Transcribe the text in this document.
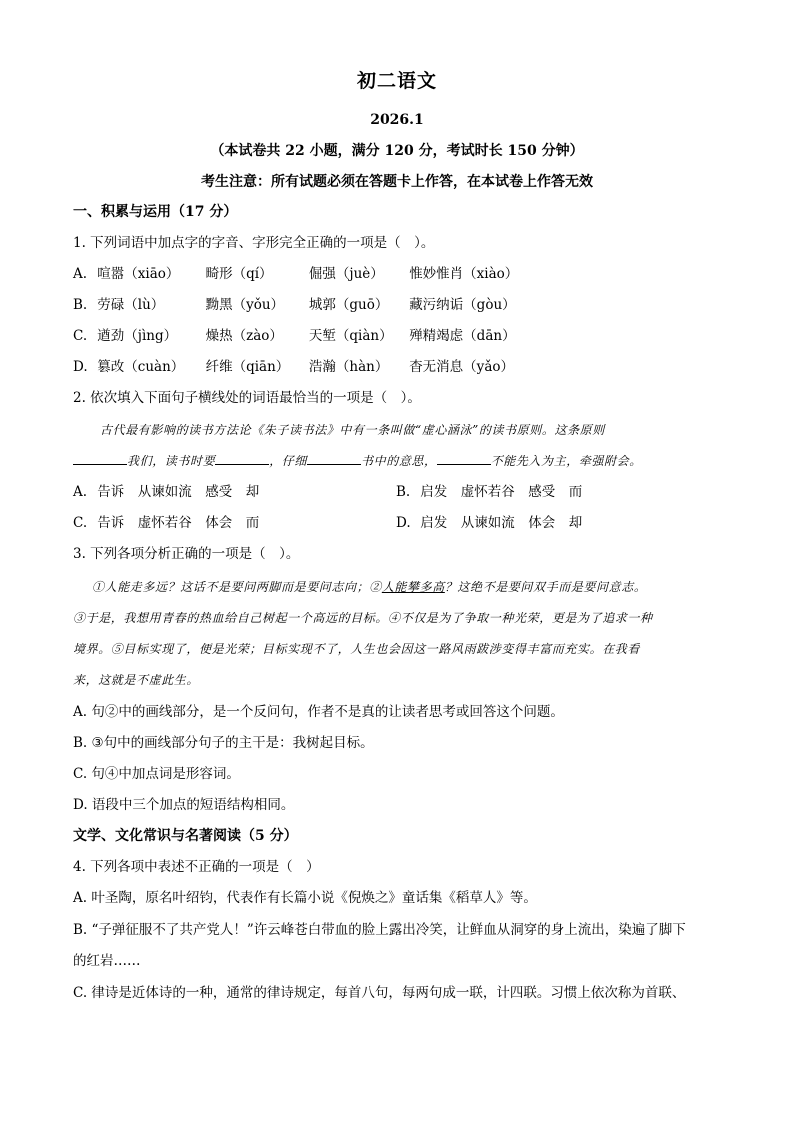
初二语文
2026.1
（本试卷共 22 小题，满分 120 分，考试时长 150 分钟）
考生注意：所有试题必须在答题卡上作答，在本试卷上作答无效
一、积累与运用（17 分）
1. 下列词语中加点字的字音、字形完全正确的一项是（　）。
A. 喧嚣（xiāo） 畸形（qí）	倔强（juè） 惟妙惟肖（xiào）
B. 劳碌（lù）	黝黑（yǒu） 城郭（guō） 藏污纳诟（gòu）
C. 遒劲（jìng） 燥热（zào） 天堑（qiàn） 殚精竭虑（dān）
D. 篡改（cuàn） 纤维（qiān） 浩瀚（hàn） 杳无消息（yǎo）
2. 依次填入下面句子横线处的词语最恰当的一项是（　）。
古代最有影响的读书方法论《朱子读书法》中有一条叫做“虚心涵泳”的读书原则。这条原则
我们，读书时要	，仔细	书中的意思，	不能先入为主，牵强附会。
A. 告诉　从谏如流　感受　却	B. 启发　虚怀若谷　感受　而
C. 告诉　虚怀若谷　体会　而	D. 启发　从谏如流　体会　却
3. 下列各项分析正确的一项是（　）。
①人能走多远？这话不是要问两脚而是要问志向；②人能攀多高？这绝不是要问双手而是要问意志。
③于是，我想用青春的热血给自己树起一个高远的目标。④不仅是为了争取一种光荣，更是为了追求一种
境界。⑤目标实现了，便是光荣；目标实现不了，人生也会因这一路风雨跋涉变得丰富而充实。在我看
来，这就是不虚此生。
A. 句②中的画线部分，是一个反问句，作者不是真的让读者思考或回答这个问题。
B. ③句中的画线部分句子的主干是：我树起目标。
C. 句④中加点词是形容词。
D. 语段中三个加点的短语结构相同。
文学、文化常识与名著阅读（5 分）
4. 下列各项中表述不正确的一项是（　）
A. 叶圣陶，原名叶绍钧，代表作有长篇小说《倪焕之》童话集《稻草人》等。
B. “子弹征服不了共产党人！”许云峰苍白带血的脸上露出冷笑，让鲜血从洞穿的身上流出，染遍了脚下
的红岩……
C. 律诗是近体诗的一种，通常的律诗规定，每首八句，每两句成一联，计四联。习惯上依次称为首联、
